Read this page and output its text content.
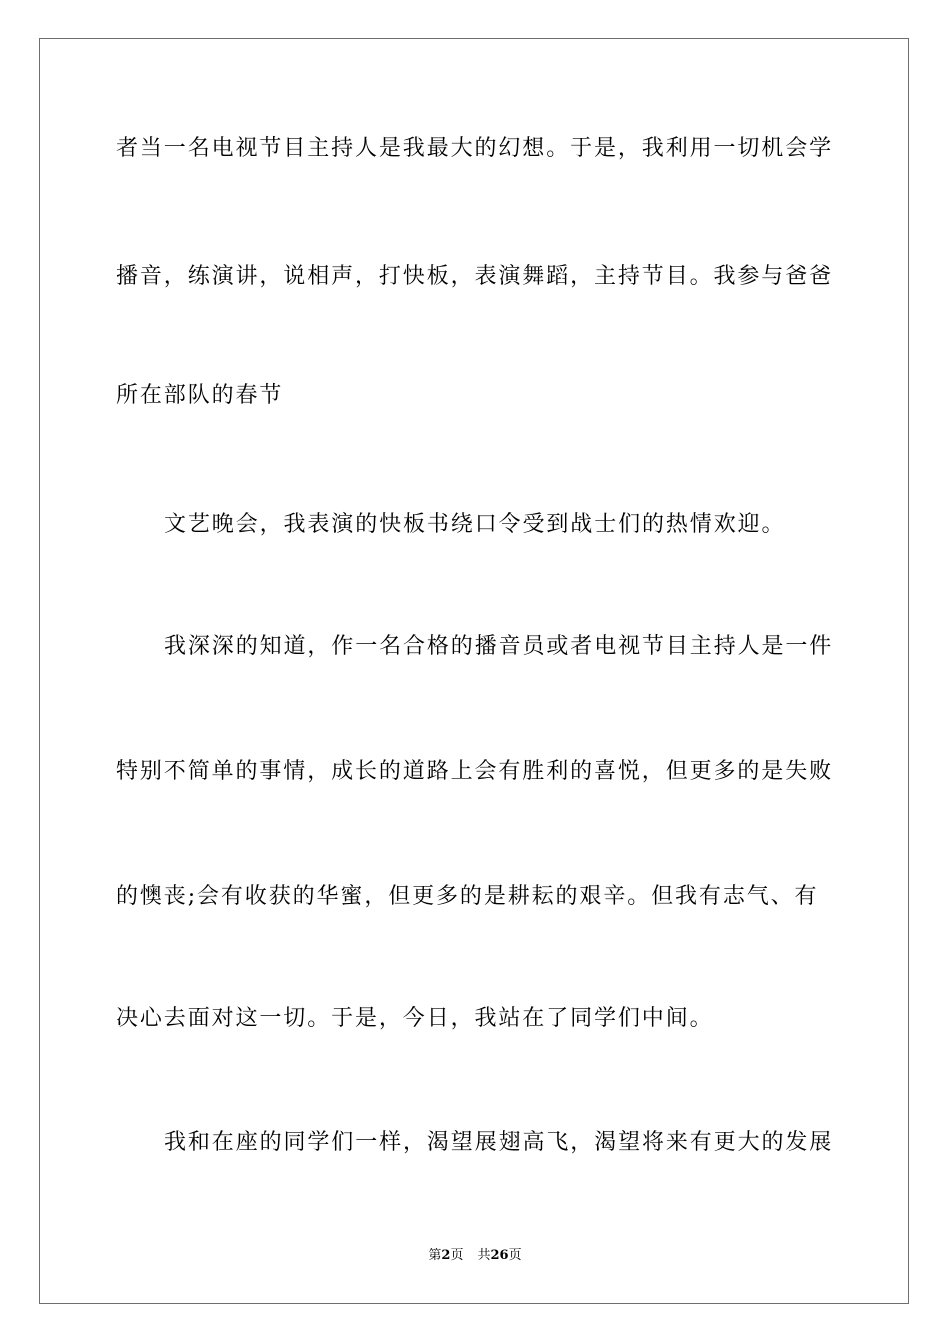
者当一名电视节目主持人是我最大的幻想。于是，我利用一切机会学
播音，练演讲，说相声，打快板，表演舞蹈，主持节目。我参与爸爸
所在部队的春节
文艺晚会，我表演的快板书绕口令受到战士们的热情欢迎。
我深深的知道，作一名合格的播音员或者电视节目主持人是一件
特别不简单的事情，成长的道路上会有胜利的喜悦，但更多的是失败
的懊丧;会有收获的华蜜，但更多的是耕耘的艰辛。但我有志气、有
决心去面对这一切。于是，今日，我站在了同学们中间。
我和在座的同学们一样，渴望展翅高飞，渴望将来有更大的发展
第2页 共26页
